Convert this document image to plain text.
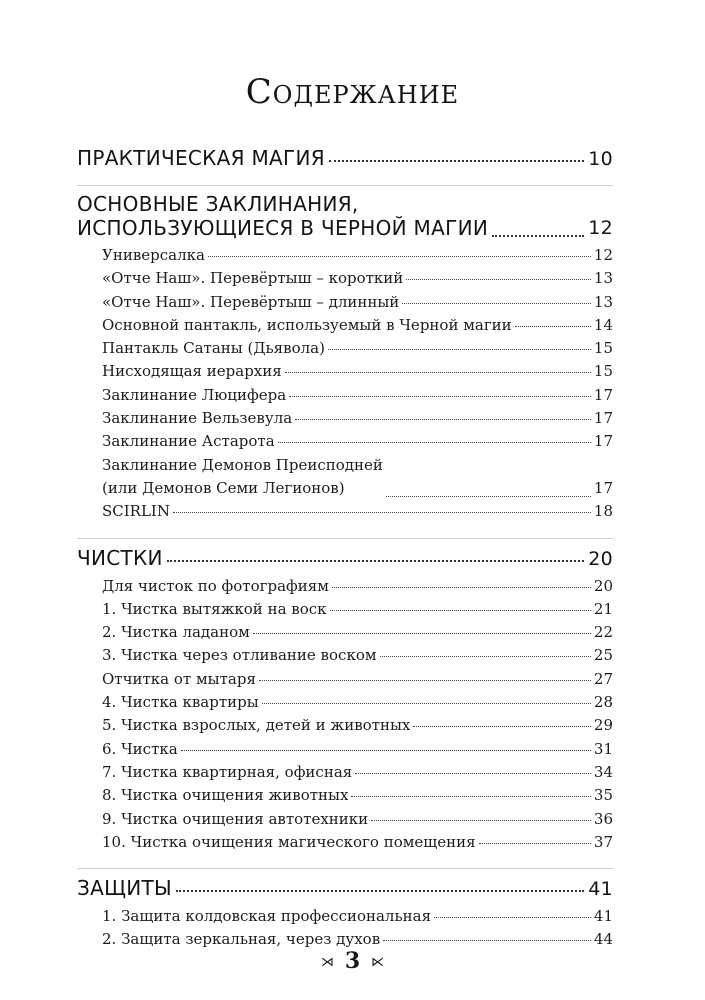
Содержание
ПРАКТИЧЕСКАЯ МАГИЯ	10
ОСНОВНЫЕ ЗАКЛИНАНИЯ,
ИСПОЛЬЗУЮЩИЕСЯ В ЧЕРНОЙ МАГИИ	12
Универсалка	12
«Отче Наш». Перевёртыш – короткий	13
«Отче Наш». Перевёртыш – длинный	13
Основной пантакль, используемый в Черной магии	14
Пантакль Сатаны (Дьявола)	15
Нисходящая иерархия	15
Заклинание Люцифера	17
Заклинание Вельзевула	17
Заклинание Астарота	17
Заклинание Демонов Преисподней
(или Демонов Семи Легионов)	17
SCIRLIN	18
ЧИСТКИ	20
Для чисток по фотографиям	20
1. Чистка вытяжкой на воск	21
2. Чистка ладаном	22
3. Чистка через отливание воском	25
Отчитка от мытаря	27
4. Чистка квартиры	28
5. Чистка взрослых, детей и животных	29
6. Чистка	31
7. Чистка квартирная, офисная	34
8. Чистка очищения животных	35
9. Чистка очищения автотехники	36
10. Чистка очищения магического помещения	37
ЗАЩИТЫ	41
1. Защита колдовская профессиональная	41
2. Защита зеркальная, через духов	44
⋊ 3 ⋉
